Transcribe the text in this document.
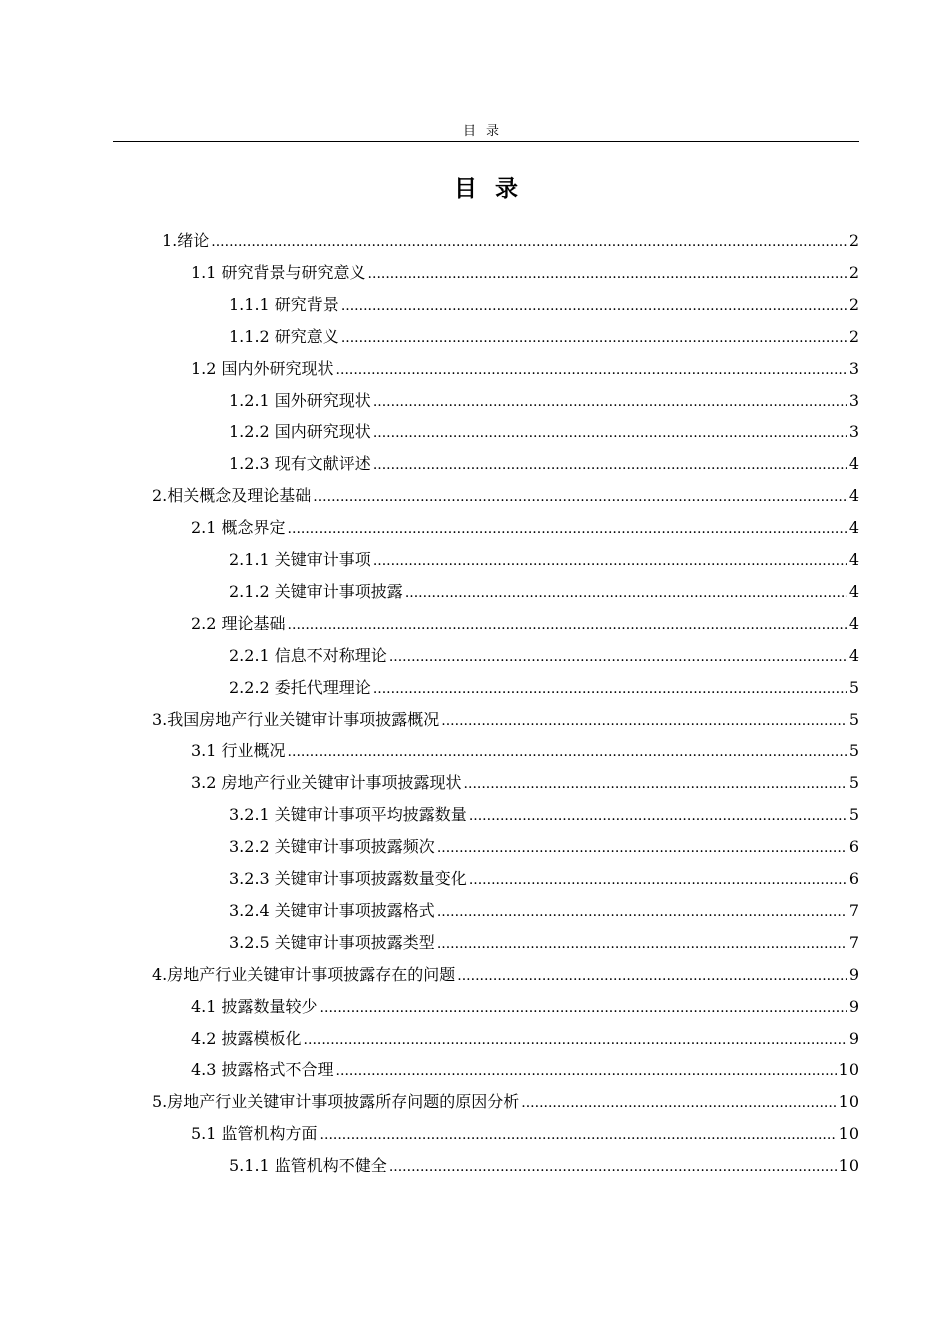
目录
目录
1.绪论 .....	2
1.1 研究背景与研究意义 .....	2
1.1.1 研究背景 .....	2
1.1.2 研究意义 .....	2
1.2 国内外研究现状 .....	3
1.2.1 国外研究现状 .....	3
1.2.2 国内研究现状 .....	3
1.2.3 现有文献评述 .....	4
2.相关概念及理论基础 .....	4
2.1 概念界定 .....	4
2.1.1 关键审计事项 .....	4
2.1.2 关键审计事项披露 .....	4
2.2 理论基础 .....	4
2.2.1 信息不对称理论 .....	4
2.2.2 委托代理理论 .....	5
3.我国房地产行业关键审计事项披露概况 .....	5
3.1 行业概况 .....	5
3.2 房地产行业关键审计事项披露现状 .....	5
3.2.1 关键审计事项平均披露数量 .....	5
3.2.2 关键审计事项披露频次 .....	6
3.2.3 关键审计事项披露数量变化 .....	6
3.2.4 关键审计事项披露格式 .....	7
3.2.5 关键审计事项披露类型 .....	7
4.房地产行业关键审计事项披露存在的问题 .....	9
4.1 披露数量较少 .....	9
4.2 披露模板化 .....	9
4.3 披露格式不合理 .....	10
5.房地产行业关键审计事项披露所存问题的原因分析 .....	10
5.1 监管机构方面 .....	10
5.1.1 监管机构不健全 .....	10
